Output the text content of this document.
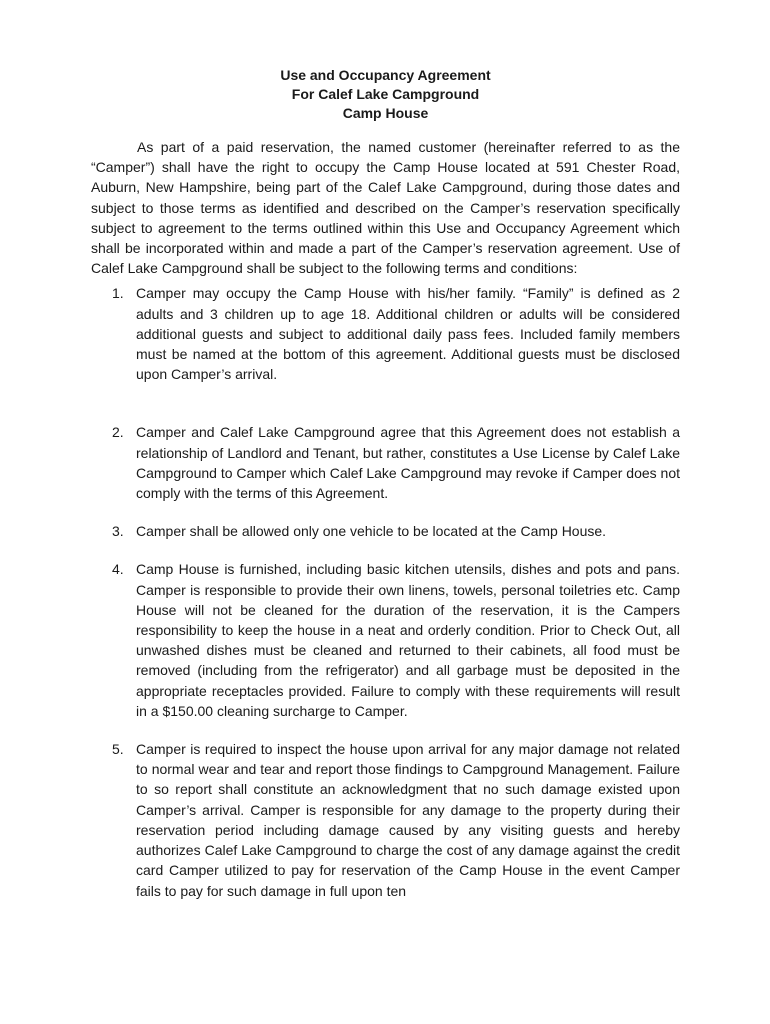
Use and Occupancy Agreement
For Calef Lake Campground
Camp House

As part of a paid reservation, the named customer (hereinafter referred to as the “Camper”) shall have the right to occupy the Camp House located at 591 Chester Road, Auburn, New Hampshire, being part of the Calef Lake Campground, during those dates and subject to those terms as identified and described on the Camper’s reservation specifically subject to agreement to the terms outlined within this Use and Occupancy Agreement which shall be incorporated within and made a part of the Camper’s reservation agreement. Use of Calef Lake Campground shall be subject to the following terms and conditions:

1. Camper may occupy the Camp House with his/her family. “Family” is defined as 2 adults and 3 children up to age 18. Additional children or adults will be considered additional guests and subject to additional daily pass fees. Included family members must be named at the bottom of this agreement. Additional guests must be disclosed upon Camper’s arrival.
2. Camper and Calef Lake Campground agree that this Agreement does not establish a relationship of Landlord and Tenant, but rather, constitutes a Use License by Calef Lake Campground to Camper which Calef Lake Campground may revoke if Camper does not comply with the terms of this Agreement.
3. Camper shall be allowed only one vehicle to be located at the Camp House.
4. Camp House is furnished, including basic kitchen utensils, dishes and pots and pans. Camper is responsible to provide their own linens, towels, personal toiletries etc. Camp House will not be cleaned for the duration of the reservation, it is the Campers responsibility to keep the house in a neat and orderly condition. Prior to Check Out, all unwashed dishes must be cleaned and returned to their cabinets, all food must be removed (including from the refrigerator) and all garbage must be deposited in the appropriate receptacles provided. Failure to comply with these requirements will result in a $150.00 cleaning surcharge to Camper.
5. Camper is required to inspect the house upon arrival for any major damage not related to normal wear and tear and report those findings to Campground Management. Failure to so report shall constitute an acknowledgment that no such damage existed upon Camper’s arrival. Camper is responsible for any damage to the property during their reservation period including damage caused by any visiting guests and hereby authorizes Calef Lake Campground to charge the cost of any damage against the credit card Camper utilized to pay for reservation of the Camp House in the event Camper fails to pay for such damage in full upon ten
